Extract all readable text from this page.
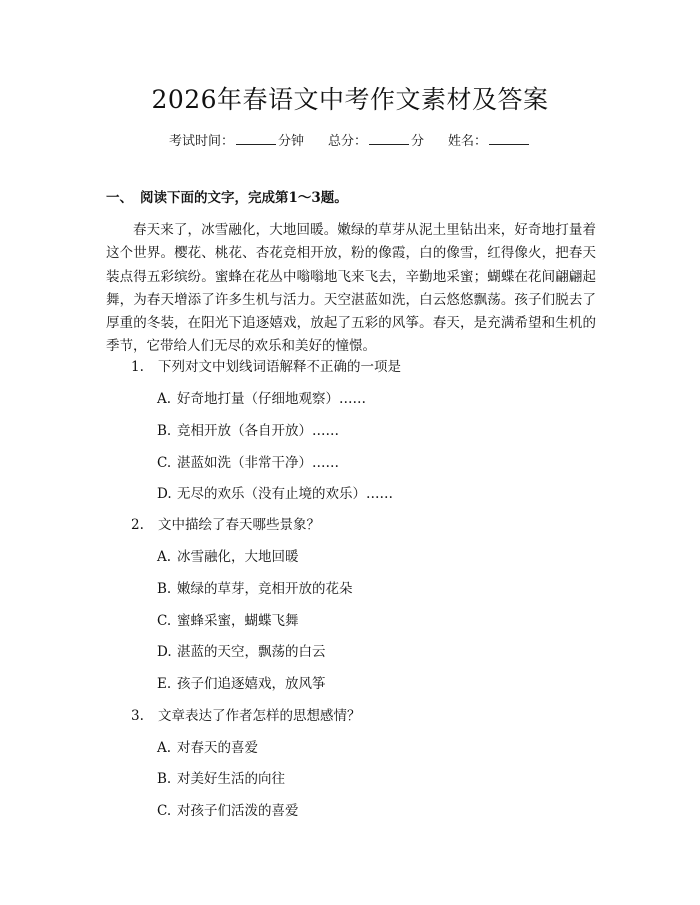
2026年春语文中考作文素材及答案
考试时间：	分钟 总分：	分 姓名：
一、 阅读下面的文字，完成第1～3题。

春天来了，冰雪融化，大地回暖。嫩绿的草芽从泥土里钻出来，好奇地打量着这个世界。樱花、桃花、杏花竞相开放，粉的像霞，白的像雪，红得像火，把春天装点得五彩缤纷。蜜蜂在花丛中嗡嗡地飞来飞去，辛勤地采蜜；蝴蝶在花间翩翩起舞，为春天增添了许多生机与活力。天空湛蓝如洗，白云悠悠飘荡。孩子们脱去了厚重的冬装，在阳光下追逐嬉戏，放起了五彩的风筝。春天，是充满希望和生机的季节，它带给人们无尽的欢乐和美好的憧憬。

1. 下列对文中划线词语解释不正确的一项是
A. 好奇地打量（仔细地观察）……
B. 竞相开放（各自开放）……
C. 湛蓝如洗（非常干净）……
D. 无尽的欢乐（没有止境的欢乐）……
2. 文中描绘了春天哪些景象？
A. 冰雪融化，大地回暖
B. 嫩绿的草芽，竞相开放的花朵
C. 蜜蜂采蜜，蝴蝶飞舞
D. 湛蓝的天空，飘荡的白云
E. 孩子们追逐嬉戏，放风筝
3. 文章表达了作者怎样的思想感情？
A. 对春天的喜爱
B. 对美好生活的向往
C. 对孩子们活泼的喜爱
